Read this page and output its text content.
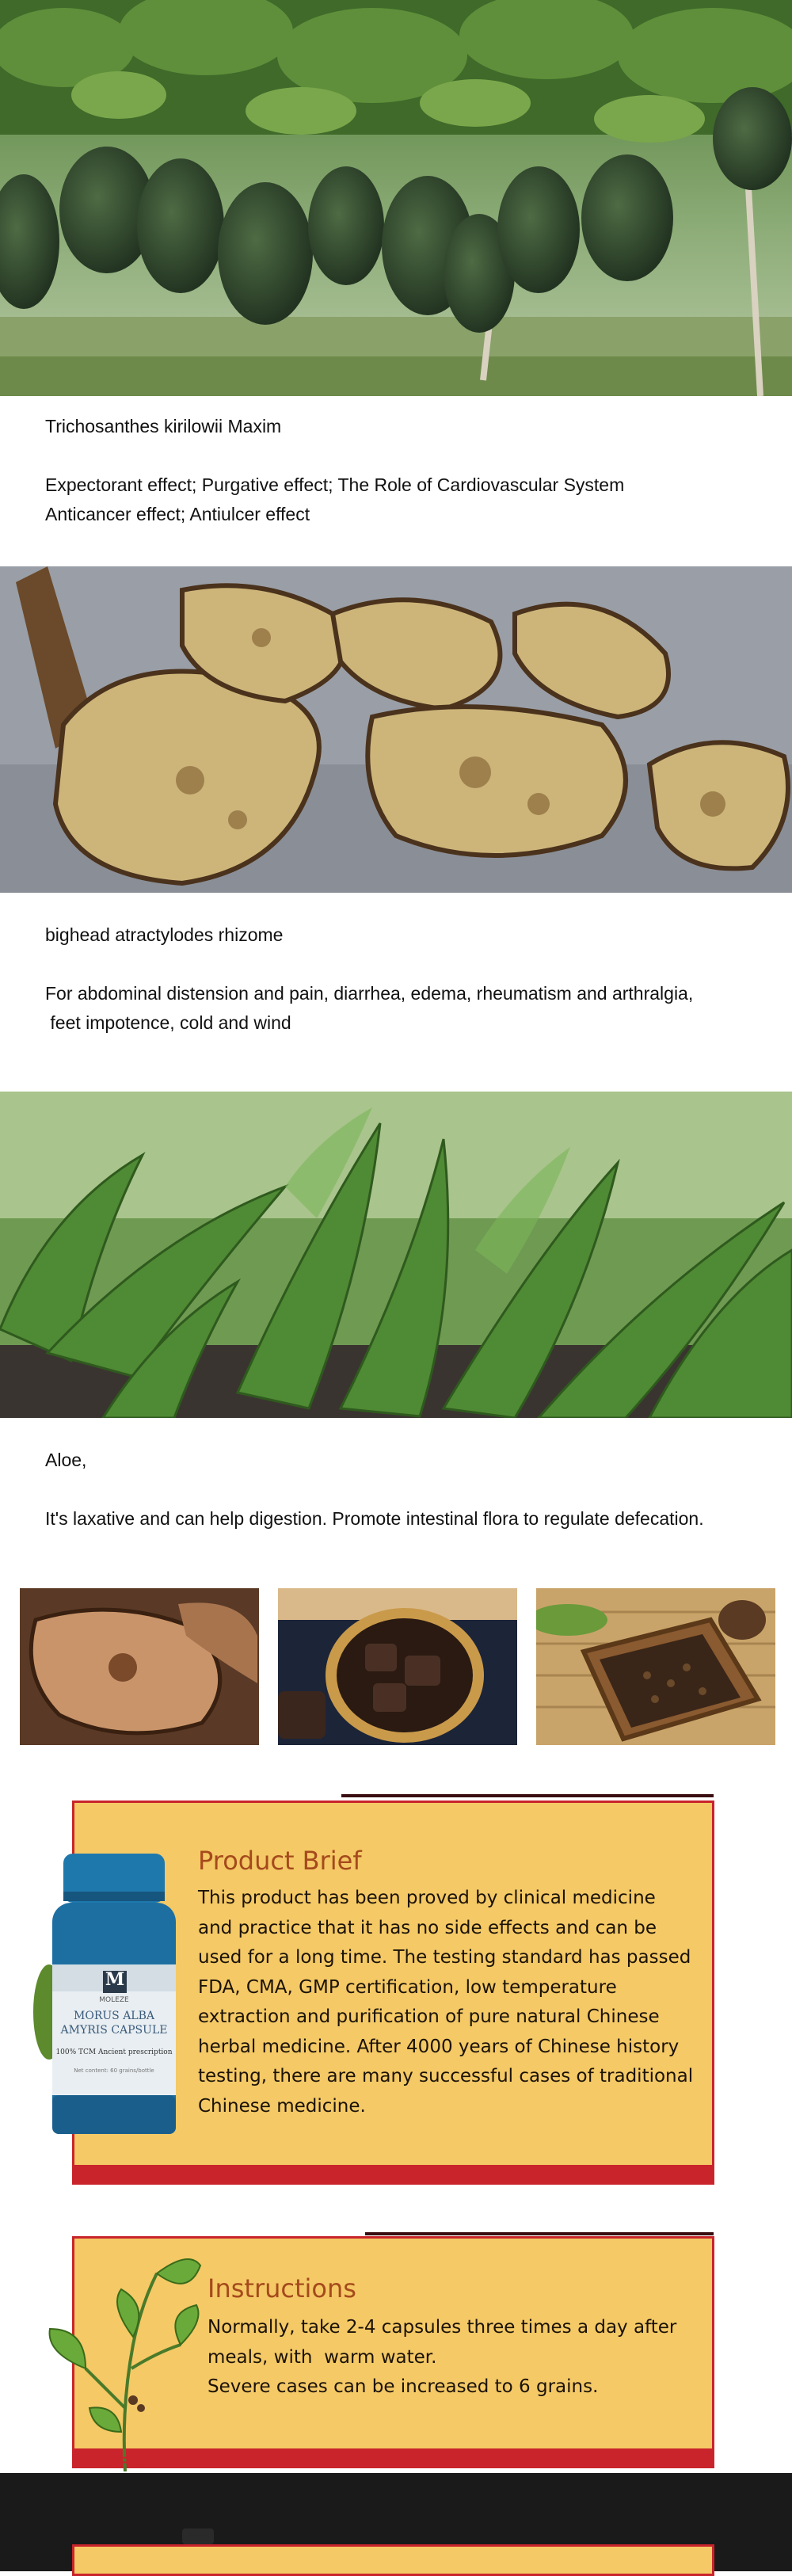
Trichosanthes kirilowii Maxim

Expectorant effect; Purgative effect; The Role of Cardiovascular System

Anticancer effect; Antiulcer effect

bighead atractylodes rhizome

For abdominal distension and pain, diarrhea, edema, rheumatism and arthralgia,

feet impotence, cold and wind

Aloe,

It's laxative and can help digestion. Promote intestinal flora to regulate defecation.

Product Brief

This product has been proved by clinical medicine

and practice that it has no side effects and can be

used for a long time. The testing standard has passed

FDA, CMA, GMP certification, low temperature

extraction and purification of pure natural Chinese

herbal medicine. After 4000 years of Chinese history

testing, there are many successful cases of traditional

Chinese medicine.

M
MOLEZE
MORUS ALBA
AMYRIS CAPSULE
100% TCM Ancient prescription
Net content: 60 grains/bottle
Instructions

Normally, take 2-4 capsules three times a day after

meals, with  warm water.

Severe cases can be increased to 6 grains.
